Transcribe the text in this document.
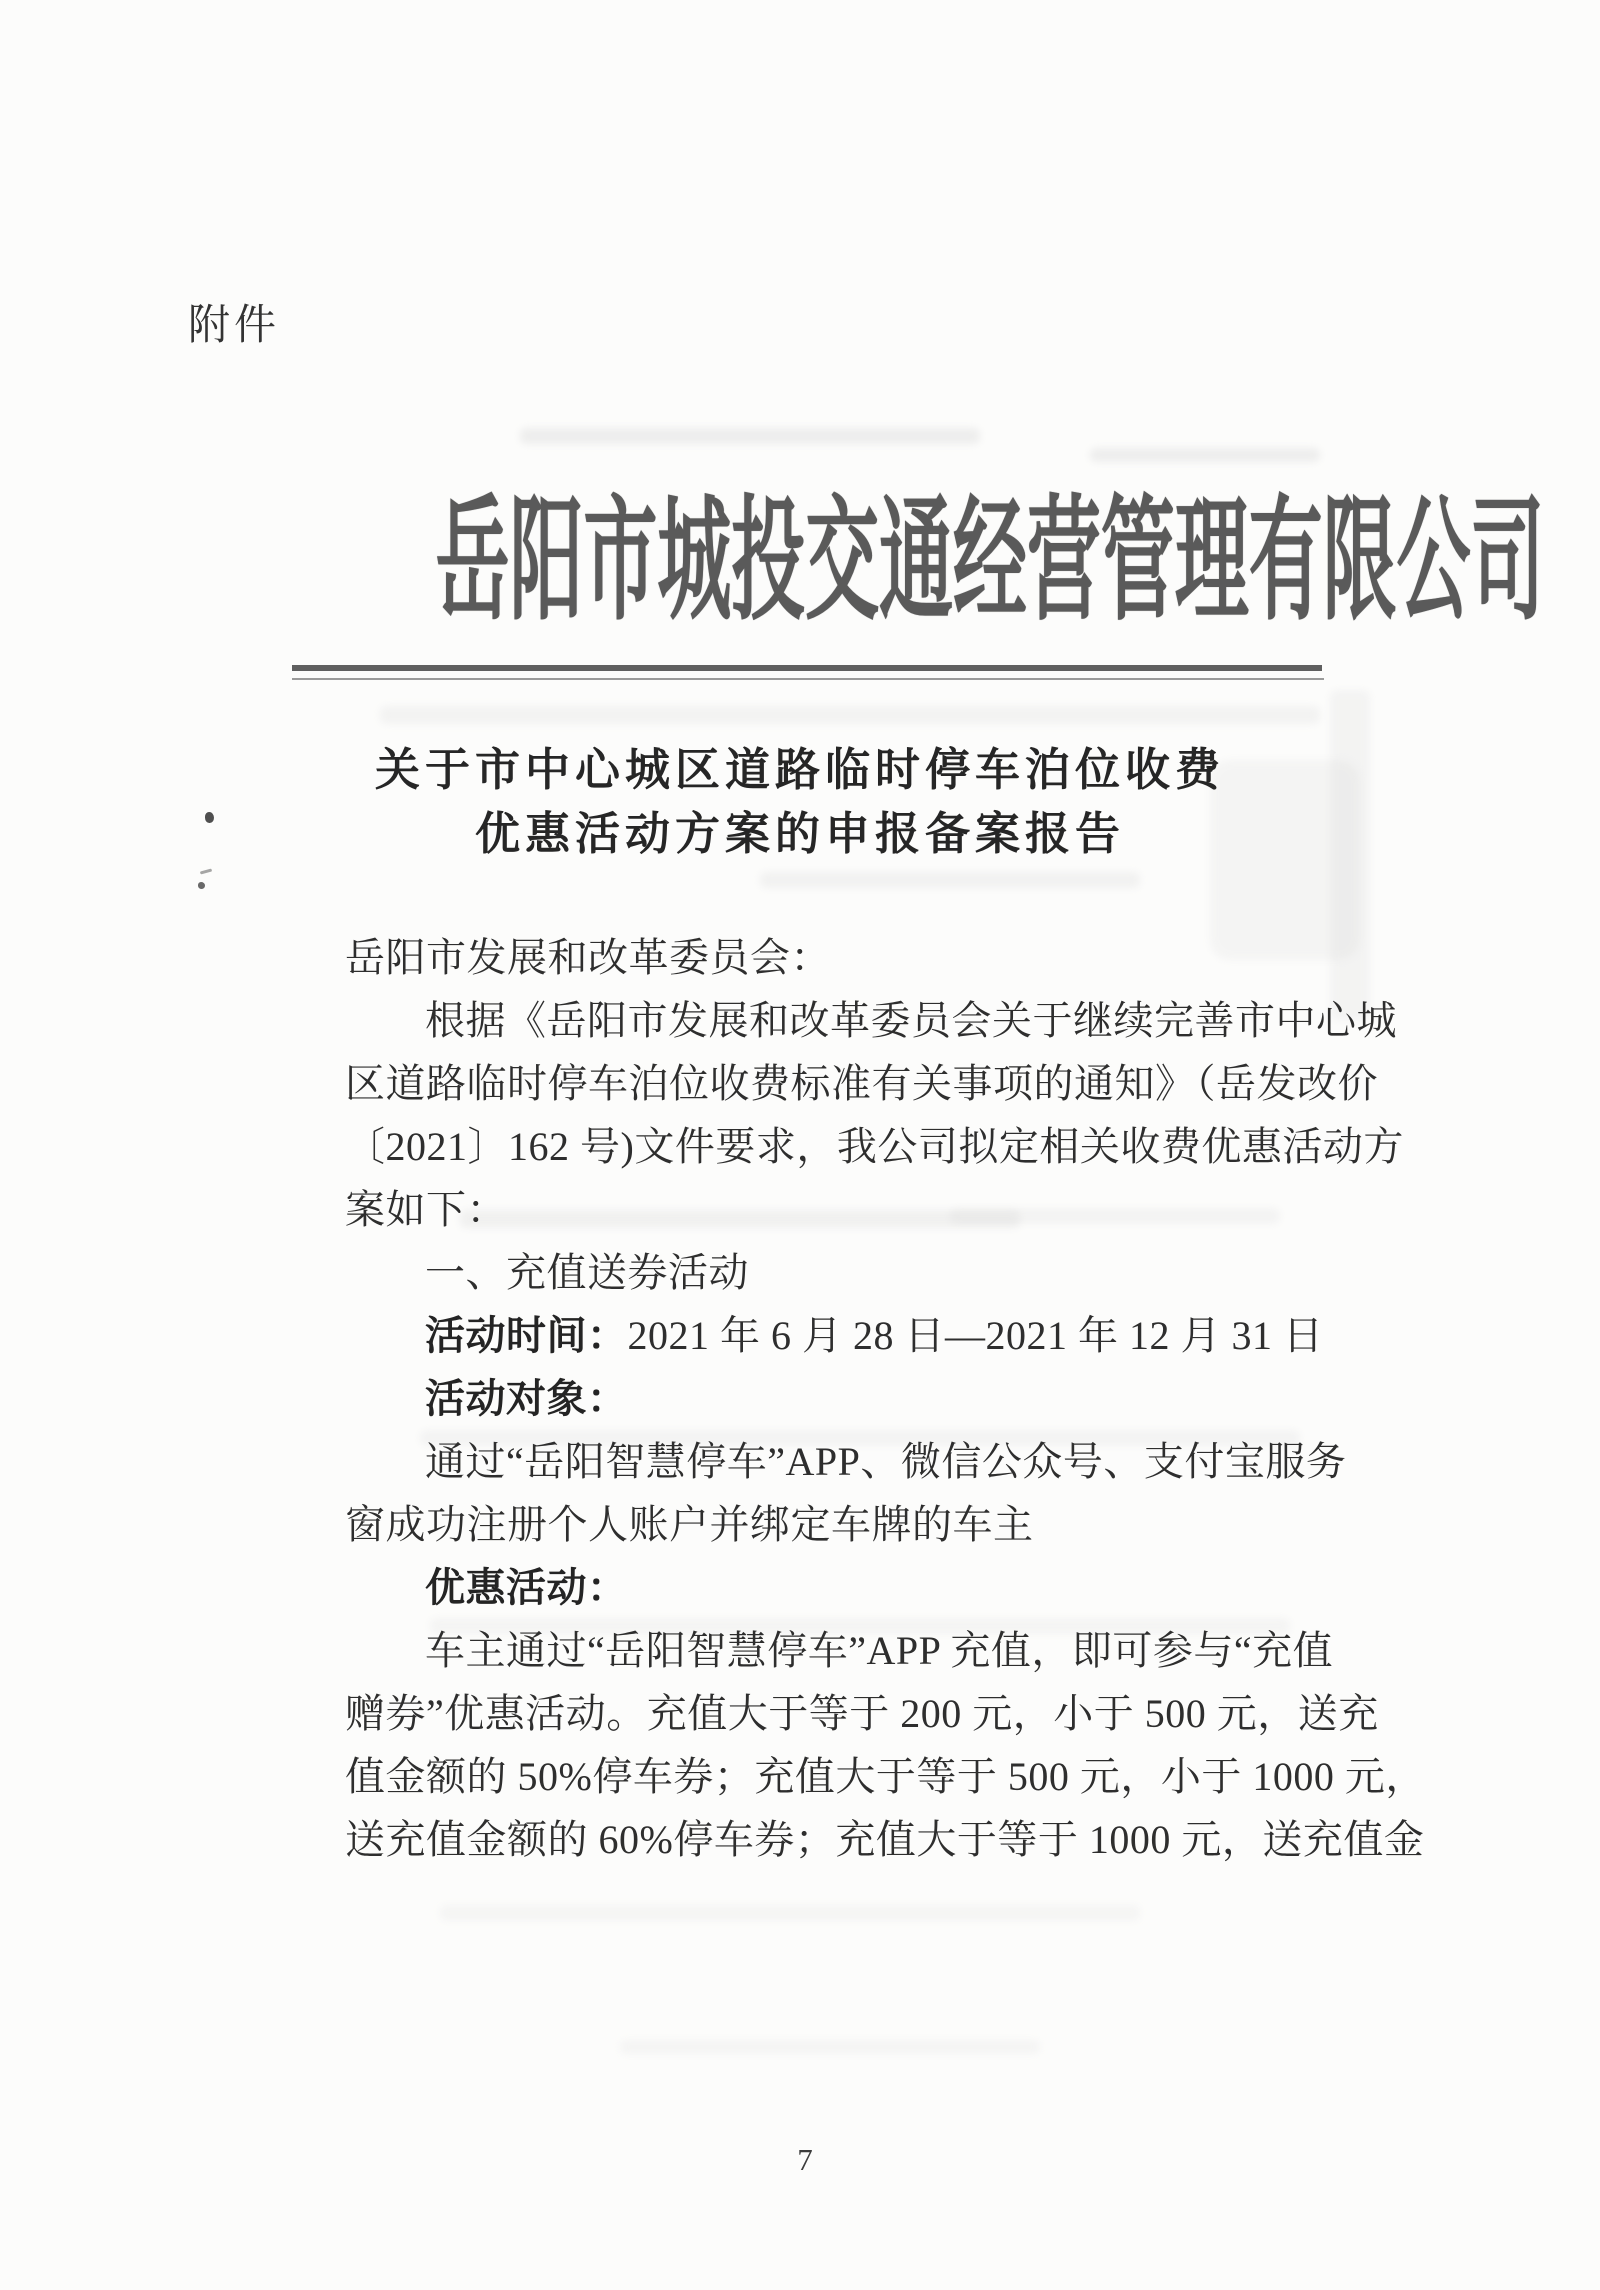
附件
岳阳市城投交通经营管理有限公司
关于市中心城区道路临时停车泊位收费
优惠活动方案的申报备案报告
岳阳市发展和改革委员会：
根据《岳阳市发展和改革委员会关于继续完善市中心城
区道路临时停车泊位收费标准有关事项的通知》（岳发改价
〔2021〕162 号)文件要求，我公司拟定相关收费优惠活动方
案如下：
一、充值送券活动
活动时间：2021 年 6 月 28 日—2021 年 12 月 31 日
活动对象：
通过“岳阳智慧停车”APP、微信公众号、支付宝服务
窗成功注册个人账户并绑定车牌的车主
优惠活动：
车主通过“岳阳智慧停车”APP 充值，即可参与“充值
赠券”优惠活动。充值大于等于 200 元，小于 500 元，送充
值金额的 50%停车券；充值大于等于 500 元，小于 1000 元，
送充值金额的 60%停车券；充值大于等于 1000 元，送充值金
7
